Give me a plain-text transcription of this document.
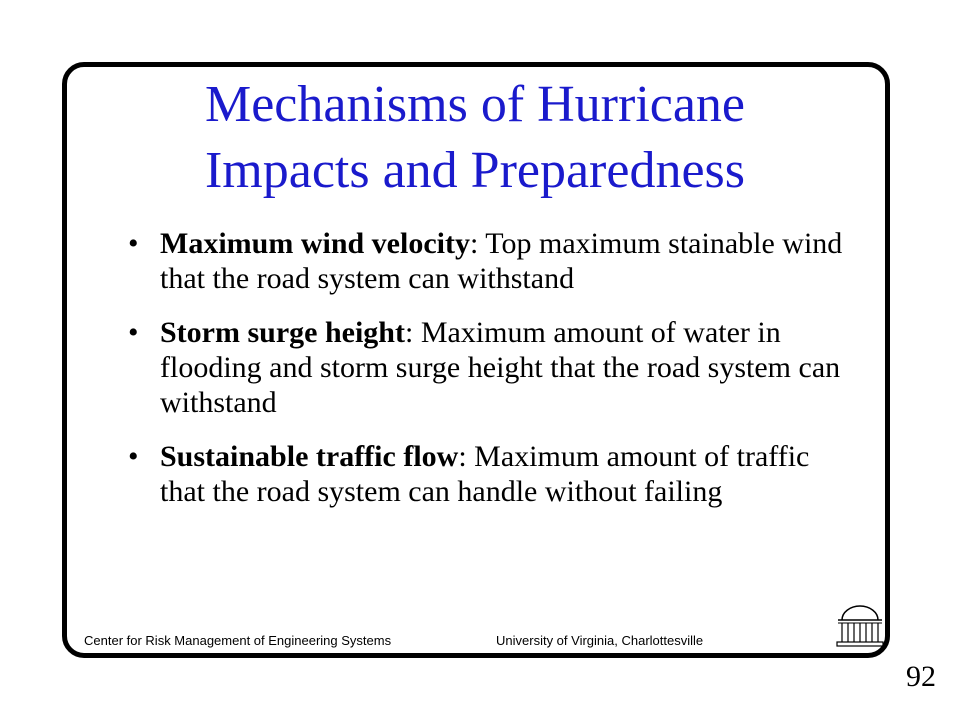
Mechanisms of Hurricane
Impacts and Preparedness
• Maximum wind velocity: Top maximum stainable wind that the road system can withstand
• Storm surge height: Maximum amount of water in flooding and storm surge height that the road system can withstand
• Sustainable traffic flow: Maximum amount of traffic that the road system can handle without failing
Center for Risk Management of Engineering Systems	University of Virginia, Charlottesville
92
